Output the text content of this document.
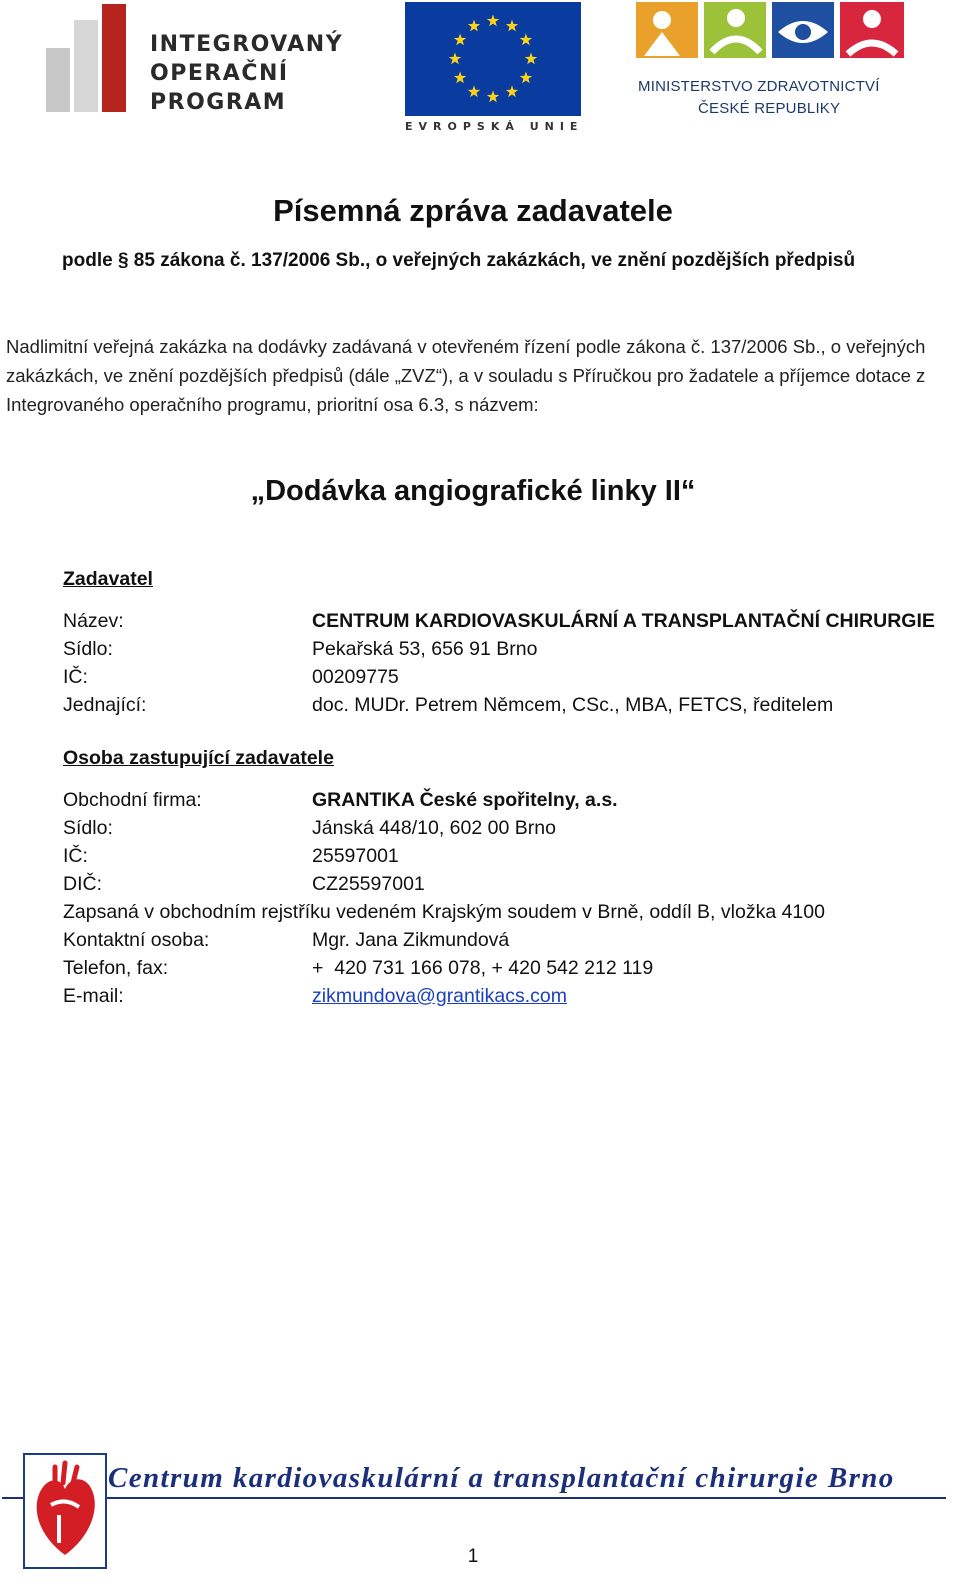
INTEGROVANÝ
OPERAČNÍ
PROGRAM
EVROPSKÁ UNIE
MINISTERSTVO ZDRAVOTNICTVÍ
ČESKÉ REPUBLIKY
Písemná zpráva zadavatele
podle § 85 zákona č. 137/2006 Sb., o veřejných zakázkách, ve znění pozdějších předpisů
Nadlimitní veřejná zakázka na dodávky zadávaná v otevřeném řízení podle zákona č. 137/2006 Sb., o veřejných zakázkách, ve znění pozdějších předpisů (dále „ZVZ“), a v souladu s Příručkou pro žadatele a příjemce dotace z Integrovaného operačního programu, prioritní osa 6.3, s názvem:
„Dodávka angiografické linky II“
Zadavatel
Název:	CENTRUM KARDIOVASKULÁRNÍ A TRANSPLANTAČNÍ CHIRURGIE
Sídlo:	Pekařská 53, 656 91 Brno
IČ:	00209775
Jednající:	doc. MUDr. Petrem Němcem, CSc., MBA, FETCS, ředitelem
Osoba zastupující zadavatele
Obchodní firma:	GRANTIKA České spořitelny, a.s.
Sídlo:	Jánská 448/10, 602 00 Brno
IČ:	25597001
DIČ:	CZ25597001
Zapsaná v obchodním rejstříku vedeném Krajským soudem v Brně, oddíl B, vložka 4100
Kontaktní osoba:	Mgr. Jana Zikmundová
Telefon, fax:	+  420 731 166 078, + 420 542 212 119
E-mail:	zikmundova@grantikacs.com
Centrum kardiovaskulární a transplantační chirurgie Brno
1
